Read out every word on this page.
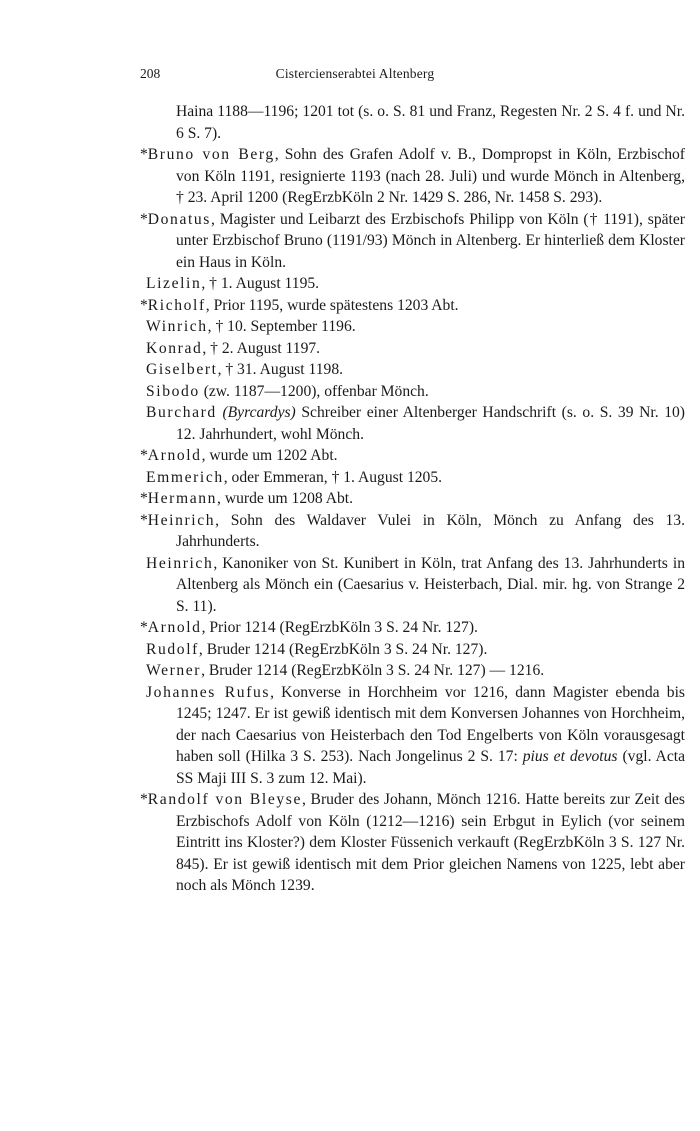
208	Cistercienserabtei Altenberg
Haina 1188—1196; 1201 tot (s. o. S. 81 und Franz, Regesten Nr. 2 S. 4 f. und Nr. 6 S. 7).
*Bruno von Berg, Sohn des Grafen Adolf v. B., Dompropst in Köln, Erzbischof von Köln 1191, resignierte 1193 (nach 28. Juli) und wurde Mönch in Altenberg, † 23. April 1200 (RegErzbKöln 2 Nr. 1429 S. 286, Nr. 1458 S. 293).
*Donatus, Magister und Leibarzt des Erzbischofs Philipp von Köln († 1191), später unter Erzbischof Bruno (1191/93) Mönch in Altenberg. Er hinterließ dem Kloster ein Haus in Köln.
Lizelin, † 1. August 1195.
*Richolf, Prior 1195, wurde spätestens 1203 Abt.
Winrich, † 10. September 1196.
Konrad, † 2. August 1197.
Giselbert, † 31. August 1198.
Sibodo (zw. 1187—1200), offenbar Mönch.
Burchard (Byrcardys) Schreiber einer Altenberger Handschrift (s. o. S. 39 Nr. 10) 12. Jahrhundert, wohl Mönch.
*Arnold, wurde um 1202 Abt.
Emmerich, oder Emmeran, † 1. August 1205.
*Hermann, wurde um 1208 Abt.
*Heinrich, Sohn des Waldaver Vulei in Köln, Mönch zu Anfang des 13. Jahrhunderts.
Heinrich, Kanoniker von St. Kunibert in Köln, trat Anfang des 13. Jahrhunderts in Altenberg als Mönch ein (Caesarius v. Heisterbach, Dial. mir. hg. von Strange 2 S. 11).
*Arnold, Prior 1214 (RegErzbKöln 3 S. 24 Nr. 127).
Rudolf, Bruder 1214 (RegErzbKöln 3 S. 24 Nr. 127).
Werner, Bruder 1214 (RegErzbKöln 3 S. 24 Nr. 127) — 1216.
Johannes Rufus, Konverse in Horchheim vor 1216, dann Magister ebenda bis 1245; 1247. Er ist gewiß identisch mit dem Konversen Johannes von Horchheim, der nach Caesarius von Heisterbach den Tod Engelberts von Köln vorausgesagt haben soll (Hilka 3 S. 253). Nach Jongelinus 2 S. 17: pius et devotus (vgl. Acta SS Maji III S. 3 zum 12. Mai).
*Randolf von Bleyse, Bruder des Johann, Mönch 1216. Hatte bereits zur Zeit des Erzbischofs Adolf von Köln (1212—1216) sein Erbgut in Eylich (vor seinem Eintritt ins Kloster?) dem Kloster Füssenich verkauft (RegErzbKöln 3 S. 127 Nr. 845). Er ist gewiß identisch mit dem Prior gleichen Namens von 1225, lebt aber noch als Mönch 1239.
